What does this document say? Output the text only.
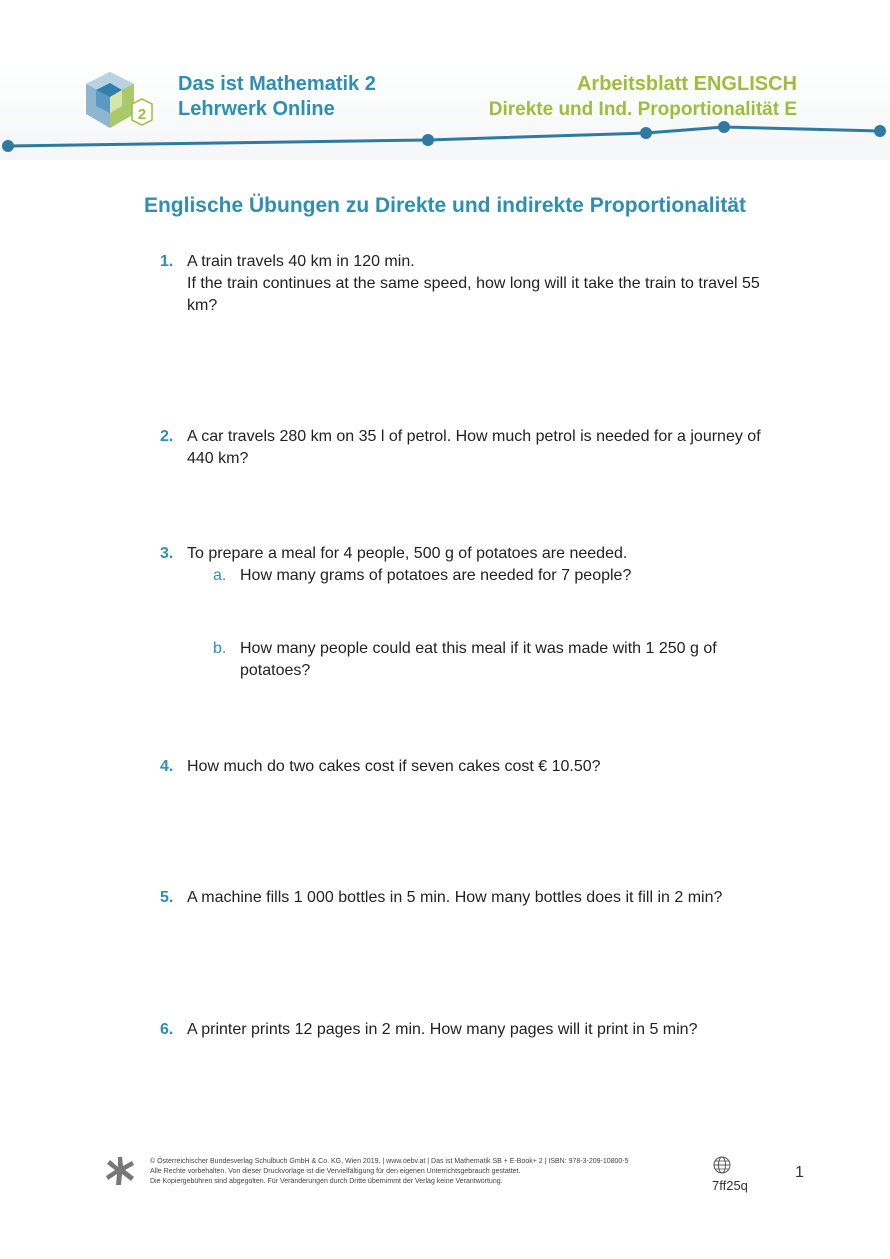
2
Das ist Mathematik 2
Lehrwerk Online
Arbeitsblatt ENGLISCH
Direkte und Ind. Proportionalität E
Englische Übungen zu Direkte und indirekte Proportionalität
1. A train travels 40 km in 120 min.
If the train continues at the same speed, how long will it take the train to travel 55 km?
2. A car travels 280 km on 35 l of petrol. How much petrol is needed for a journey of 440 km?
3. To prepare a meal for 4 people, 500 g of potatoes are needed.
a. How many grams of potatoes are needed for 7 people?
b. How many people could eat this meal if it was made with 1 250 g of potatoes?
4. How much do two cakes cost if seven cakes cost € 10.50?
5. A machine fills 1 000 bottles in 5 min. How many bottles does it fill in 2 min?
6. A printer prints 12 pages in 2 min. How many pages will it print in 5 min?
© Österreichischer Bundesverlag Schulbuch GmbH & Co. KG, Wien 2019. | www.oebv.at | Das ist Mathematik SB + E-Book+ 2 | ISBN: 978-3-209-10800-5
Alle Rechte vorbehalten. Von dieser Druckvorlage ist die Vervielfältigung für den eigenen Unterrichtsgebrauch gestattet.
Die Kopiergebühren sind abgegolten. Für Veränderungen durch Dritte übernimmt der Verlag keine Verantwortung.	7ff25q
1
